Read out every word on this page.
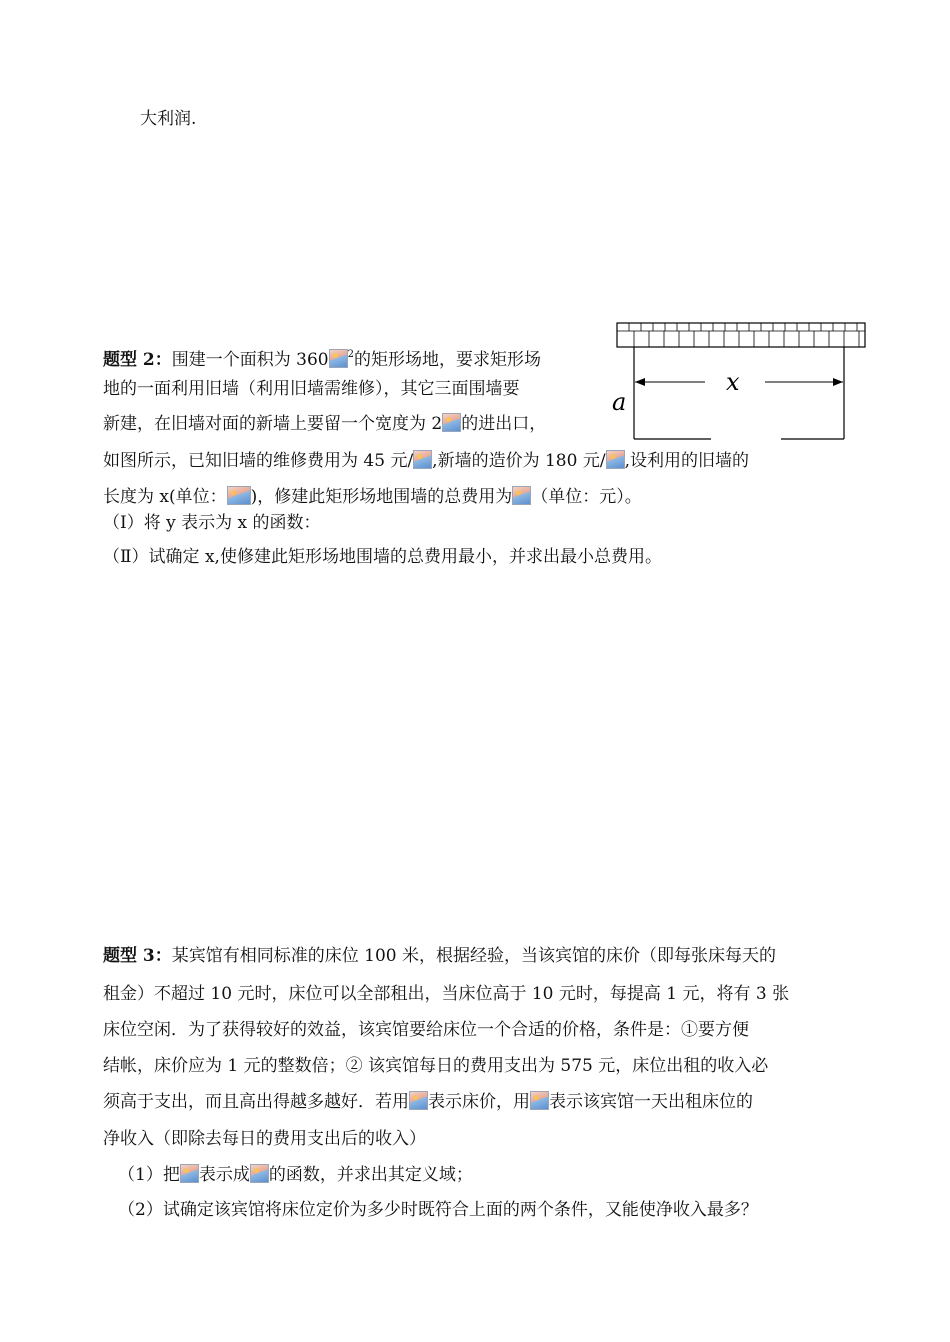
大利润.
题型 2：围建一个面积为 360 $^2$的矩形场地，要求矩形场
地的一面利用旧墙（利用旧墙需维修），其它三面围墙要
新建，在旧墙对面的新墙上要留一个宽度为 2 的进出口，
如图所示，已知旧墙的维修费用为 45 元/ ,新墙的造价为 180 元/ ,设利用的旧墙的
长度为 x(单位： )，修建此矩形场地围墙的总费用为 （单位：元）。
（Ⅰ）将 y 表示为 x 的函数：
（Ⅱ）试确定 x,使修建此矩形场地围墙的总费用最小，并求出最小总费用。
x
a
题型 3：某宾馆有相同标准的床位 100 米，根据经验，当该宾馆的床价（即每张床每天的
租金）不超过 10 元时，床位可以全部租出，当床位高于 10 元时，每提高 1 元，将有 3 张
床位空闲．为了获得较好的效益，该宾馆要给床位一个合适的价格，条件是：①要方便
结帐，床价应为 1 元的整数倍；② 该宾馆每日的费用支出为 575 元，床位出租的收入必
须高于支出，而且高出得越多越好．若用 表示床价，用 表示该宾馆一天出租床位的
净收入（即除去每日的费用支出后的收入）
（1）把 表示成 的函数，并求出其定义域；
（2）试确定该宾馆将床位定价为多少时既符合上面的两个条件，又能使净收入最多？
